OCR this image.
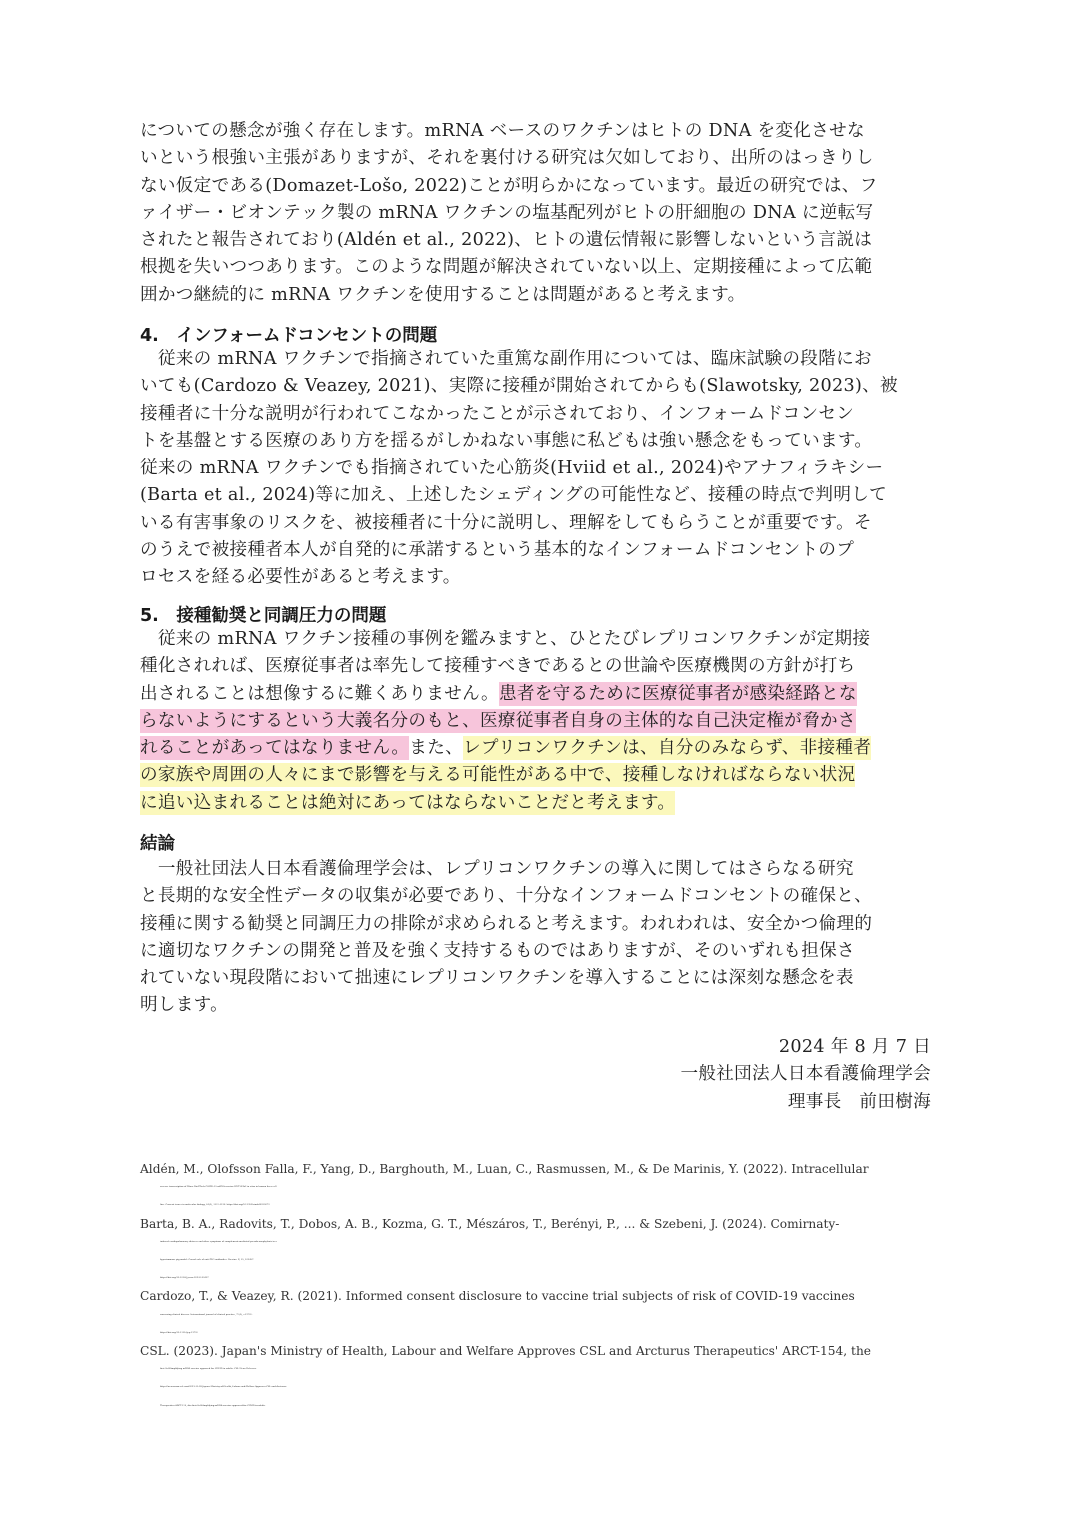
についての懸念が強く存在します。mRNA ベースのワクチンはヒトの DNA を変化させな
いという根強い主張がありますが、それを裏付ける研究は欠如しており、出所のはっきりし
ない仮定である(Domazet-Lošo, 2022)ことが明らかになっています。最近の研究では、フ
ァイザー・ビオンテック製の mRNA ワクチンの塩基配列がヒトの肝細胞の DNA に逆転写
されたと報告されており(Aldén et al., 2022)、ヒトの遺伝情報に影響しないという言説は
根拠を失いつつあります。このような問題が解決されていない以上、定期接種によって広範
囲かつ継続的に mRNA ワクチンを使用することは問題があると考えます。
4.　インフォームドコンセントの問題
　従来の mRNA ワクチンで指摘されていた重篤な副作用については、臨床試験の段階にお
いても(Cardozo & Veazey, 2021)、実際に接種が開始されてからも(Slawotsky, 2023)、被
接種者に十分な説明が行われてこなかったことが示されており、インフォームドコンセン
トを基盤とする医療のあり方を揺るがしかねない事態に私どもは強い懸念をもっています。
従来の mRNA ワクチンでも指摘されていた心筋炎(Hviid et al., 2024)やアナフィラキシー
(Barta et al., 2024)等に加え、上述したシェディングの可能性など、接種の時点で判明して
いる有害事象のリスクを、被接種者に十分に説明し、理解をしてもらうことが重要です。そ
のうえで被接種者本人が自発的に承諾するという基本的なインフォームドコンセントのプ
ロセスを経る必要性があると考えます。
5.　接種勧奨と同調圧力の問題
　従来の mRNA ワクチン接種の事例を鑑みますと、ひとたびレプリコンワクチンが定期接
種化されれば、医療従事者は率先して接種すべきであるとの世論や医療機関の方針が打ち
出されることは想像するに難くありません。患者を守るために医療従事者が感染経路とな
らないようにするという大義名分のもと、医療従事者自身の主体的な自己決定権が脅かさ
れることがあってはなりません。また、レプリコンワクチンは、自分のみならず、非接種者
の家族や周囲の人々にまで影響を与える可能性がある中で、接種しなければならない状況
に追い込まれることは絶対にあってはならないことだと考えます。
結論
　一般社団法人日本看護倫理学会は、レプリコンワクチンの導入に関してはさらなる研究
と長期的な安全性データの収集が必要であり、十分なインフォームドコンセントの確保と、
接種に関する勧奨と同調圧力の排除が求められると考えます。われわれは、安全かつ倫理的
に適切なワクチンの開発と普及を強く支持するものではありますが、そのいずれも担保さ
れていない現段階において拙速にレプリコンワクチンを導入することには深刻な懸念を表
明します。
2024 年 8 月 7 日
一般社団法人日本看護倫理学会
理事長　前田樹海
Aldén, M., Olofsson Falla, F., Yang, D., Barghouth, M., Luan, C., Rasmussen, M., & De Marinis, Y. (2022). Intracellular
reverse transcription of Pfizer BioNTech COVID-19 mRNA vaccine BNT162b2 in vitro in human liver cell
line. Current issues in molecular biology, 44(3), 1115-1126. https://doi.org/10.3390/cimb44030073
Barta, B. A., Radovits, T., Dobos, A. B., Kozma, G. T., Mészáros, T., Berényi, P., ... & Szebeni, J. (2024). Comirnaty-
induced cardiopulmonary distress and other symptoms of complement-mediated pseudo-anaphylaxis in a
hyperimmune pig model: Causal role of anti-PEG antibodies. Vaccine: X, 19, 100497.
https://doi.org/10.1016/j.jvacx.2024.100497
Cardozo, T., & Veazey, R. (2021). Informed consent disclosure to vaccine trial subjects of risk of COVID-19 vaccines
worsening clinical disease. International journal of clinical practice, 75(3), e13795.
https://doi.org/10.1111/ijcp.13795
CSL. (2023). Japan's Ministry of Health, Labour and Welfare Approves CSL and Arcturus Therapeutics' ARCT-154, the
first Self-Amplifying mRNA vaccine approved for COVID in adults. CSL News Releases.
https://newsroom.csl.com/2023-11-28-Japans-Ministry-of-Health,-Labour-and-Welfare-Approves-CSL-and-Arcturus-
Therapeutics-ARCT-154,-the-first-Self-Amplifying-mRNA-vaccine-approved-for-COVID-in-adults
